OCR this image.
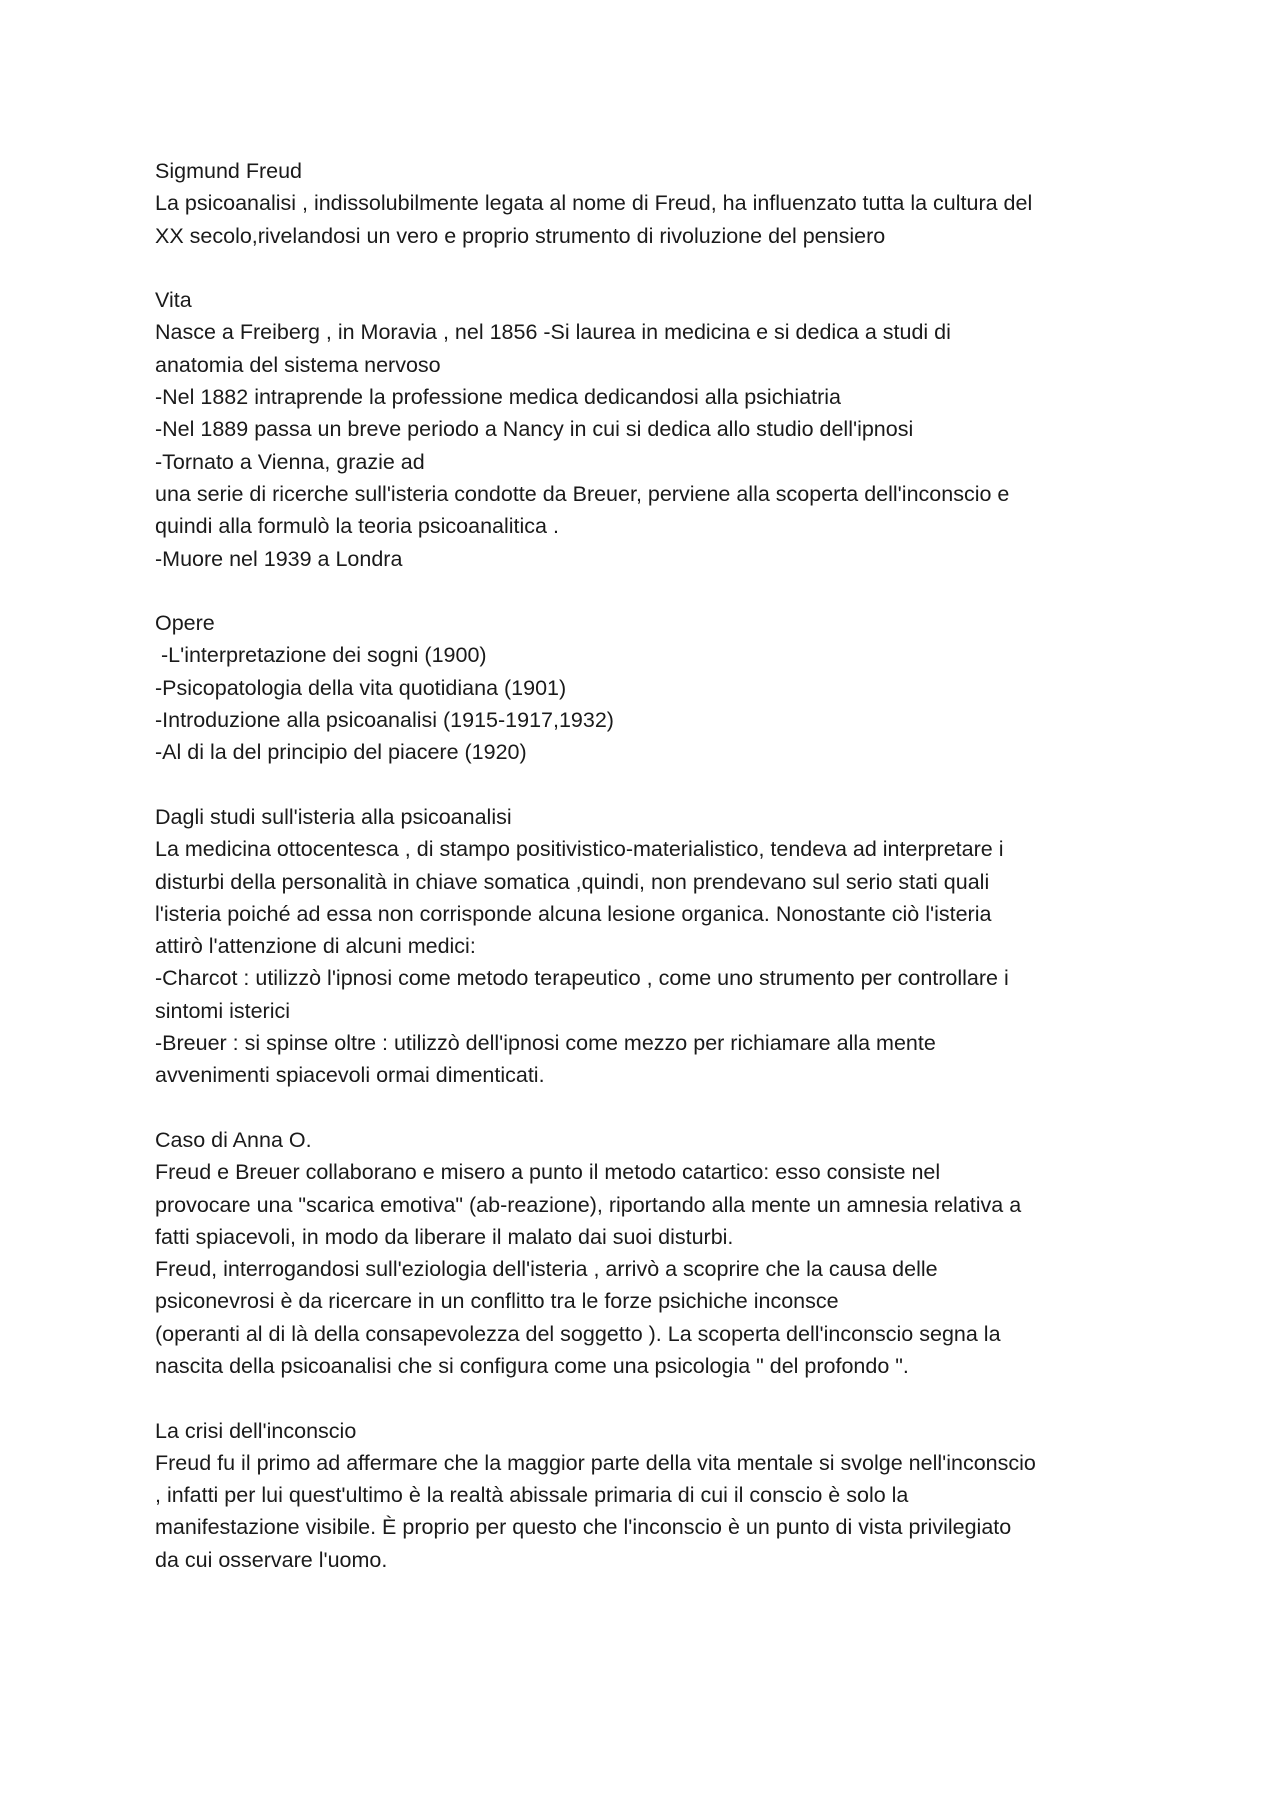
Sigmund Freud

La psicoanalisi , indissolubilmente legata al nome di Freud, ha influenzato tutta la cultura del

XX secolo,rivelandosi un vero e proprio strumento di rivoluzione del pensiero

Vita

Nasce a Freiberg , in Moravia , nel 1856 -Si laurea in medicina e si dedica a studi di

anatomia del sistema nervoso

-Nel 1882 intraprende la professione medica dedicandosi alla psichiatria

-Nel 1889 passa un breve periodo a Nancy in cui si dedica allo studio dell'ipnosi

-Tornato a Vienna, grazie ad

una serie di ricerche sull'isteria condotte da Breuer, perviene alla scoperta dell'inconscio e

quindi alla formulò la teoria psicoanalitica .

-Muore nel 1939 a Londra

Opere

-L'interpretazione dei sogni (1900)

-Psicopatologia della vita quotidiana (1901)

-Introduzione alla psicoanalisi (1915-1917,1932)

-Al di la del principio del piacere (1920)

Dagli studi sull'isteria alla psicoanalisi

La medicina ottocentesca , di stampo positivistico-materialistico, tendeva ad interpretare i

disturbi della personalità in chiave somatica ,quindi, non prendevano sul serio stati quali

l'isteria poiché ad essa non corrisponde alcuna lesione organica. Nonostante ciò l'isteria

attirò l'attenzione di alcuni medici:

-Charcot : utilizzò l'ipnosi come metodo terapeutico , come uno strumento per controllare i

sintomi isterici

-Breuer : si spinse oltre : utilizzò dell'ipnosi come mezzo per richiamare alla mente

avvenimenti spiacevoli ormai dimenticati.

Caso di Anna O.

Freud e Breuer collaborano e misero a punto il metodo catartico: esso consiste nel

provocare una "scarica emotiva" (ab-reazione), riportando alla mente un amnesia relativa a

fatti spiacevoli, in modo da liberare il malato dai suoi disturbi.

Freud, interrogandosi sull'eziologia dell'isteria , arrivò a scoprire che la causa delle

psiconevrosi è da ricercare in un conflitto tra le forze psichiche inconsce

(operanti al di là della consapevolezza del soggetto ). La scoperta dell'inconscio segna la

nascita della psicoanalisi che si configura come una psicologia " del profondo ".

La crisi dell'inconscio

Freud fu il primo ad affermare che la maggior parte della vita mentale si svolge nell'inconscio

, infatti per lui quest'ultimo è la realtà abissale primaria di cui il conscio è solo la

manifestazione visibile. È proprio per questo che l'inconscio è un punto di vista privilegiato

da cui osservare l'uomo.
